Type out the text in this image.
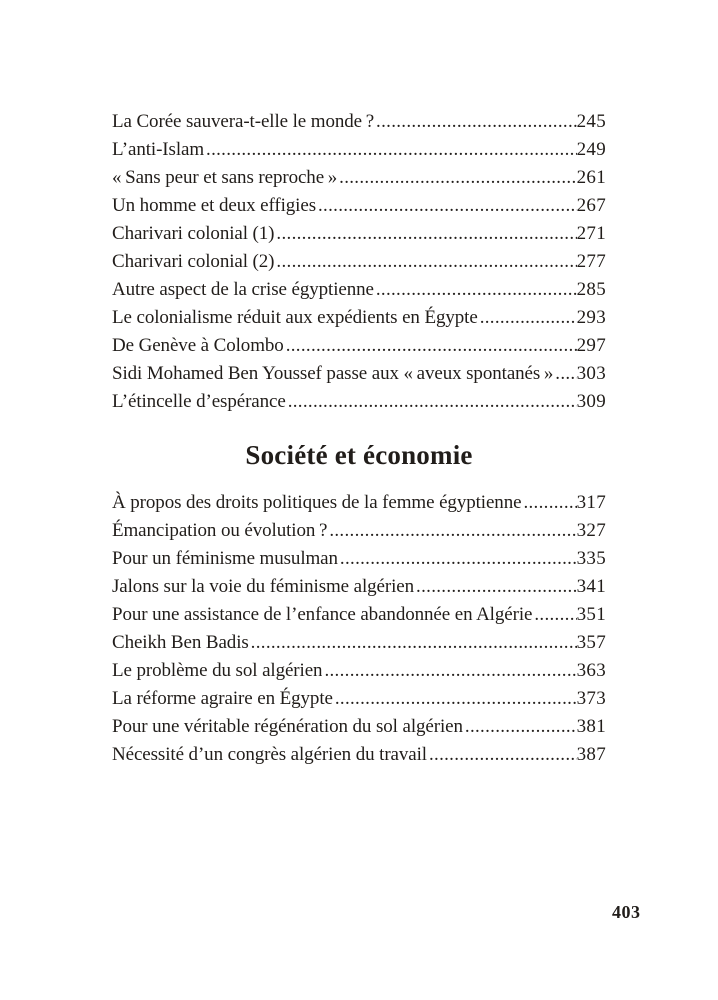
La Corée sauvera-t-elle le monde ? .....	245
L’anti-Islam .....	249
« Sans peur et sans reproche » .....	261
Un homme et deux effigies .....	267
Charivari colonial (1) .....	271
Charivari colonial (2) .....	277
Autre aspect de la crise égyptienne .....	285
Le colonialisme réduit aux expédients en Égypte .....	293
De Genève à Colombo .....	297
Sidi Mohamed Ben Youssef passe aux « aveux spontanés » ..... 303
L’étincelle d’espérance .....	309
Société et économie
À propos des droits politiques de la femme égyptienne .....	317
Émancipation ou évolution ? .....	327
Pour un féminisme musulman .....	335
Jalons sur la voie du féminisme algérien .....	341
Pour une assistance de l’enfance abandonnée en Algérie ..... 351
Cheikh Ben Badis .....	357
Le problème du sol algérien .....	363
La réforme agraire en Égypte .....	373
Pour une véritable régénération du sol algérien .....	381
Nécessité d’un congrès algérien du travail .....	387
403
